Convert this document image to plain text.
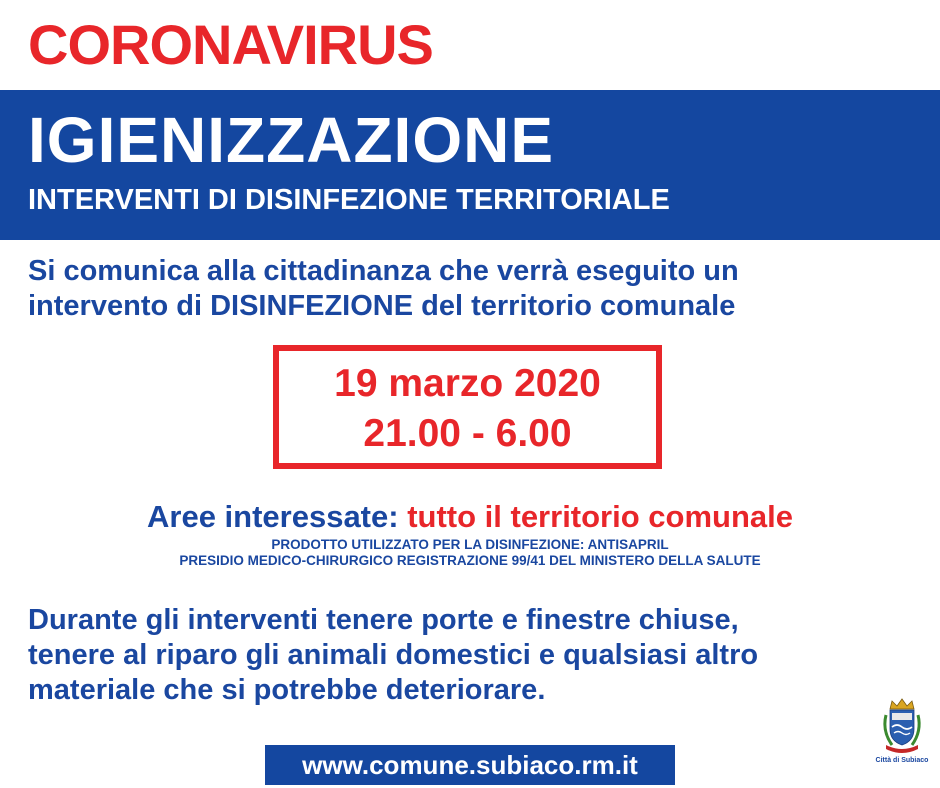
CORONAVIRUS
IGIENIZZAZIONE
INTERVENTI DI DISINFEZIONE TERRITORIALE

Si comunica alla cittadinanza che verrà eseguito un
intervento di DISINFEZIONE del territorio comunale

19 marzo 2020
21.00 - 6.00

Aree interessate: tutto il territorio comunale

PRODOTTO UTILIZZATO PER LA DISINFEZIONE: ANTISAPRIL
PRESIDIO MEDICO-CHIRURGICO REGISTRAZIONE 99/41 DEL MINISTERO DELLA SALUTE

Durante gli interventi tenere porte e finestre chiuse,
tenere al riparo gli animali domestici e qualsiasi altro
materiale che si potrebbe deteriorare.

www.comune.subiaco.rm.it	Città di Subiaco
